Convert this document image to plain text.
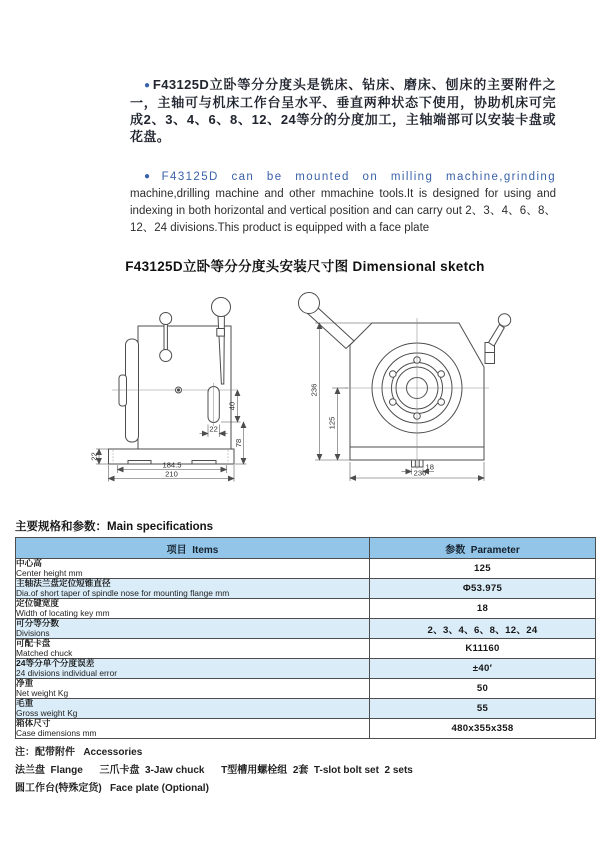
● F43125D立卧等分分度头是铣床、钻床、磨床、刨床的主要附件之一，主轴可与机床工作台呈水平、垂直两种状态下使用，协助机床可完成2、3、4、6、8、12、24等分的分度加工，主轴端部可以安装卡盘或花盘。

● F43125D can be mounted on milling machine,grinding machine,drilling machine and other mmachine tools.It is designed for using and indexing in both horizontal and vertical position and can carry out 2、3、4、6、8、12、24 divisions.This product is equipped with a face plate

F43125D立卧等分分度头安装尺寸图 Dimensional sketch
40
22
78
22
184.5
210
236
125
18
230
主要规格和参数：Main specifications
项目  Items	参数  Parameter

中心高
Center height mm	125

主轴法兰盘定位短锥直径
Dia.of short taper of spindle nose for mounting flange mm	Φ53.975

定位键宽度
Width of locating key mm	18

可分等分数
Divisions	2、3、4、6、8、12、24

可配卡盘
Matched chuck	K11160

24等分单个分度误差
24 divisions individual error	±40′

净重
Net weight Kg	50

毛重
Gross weight Kg	55

箱体尺寸
Case dimensions mm	480x355x358
注：配带附件   Accessories
法兰盘  Flange      三爪卡盘  3-Jaw chuck      T型槽用螺栓组  2套  T-slot bolt set  2 sets
圆工作台(特殊定货)   Face plate (Optional)
